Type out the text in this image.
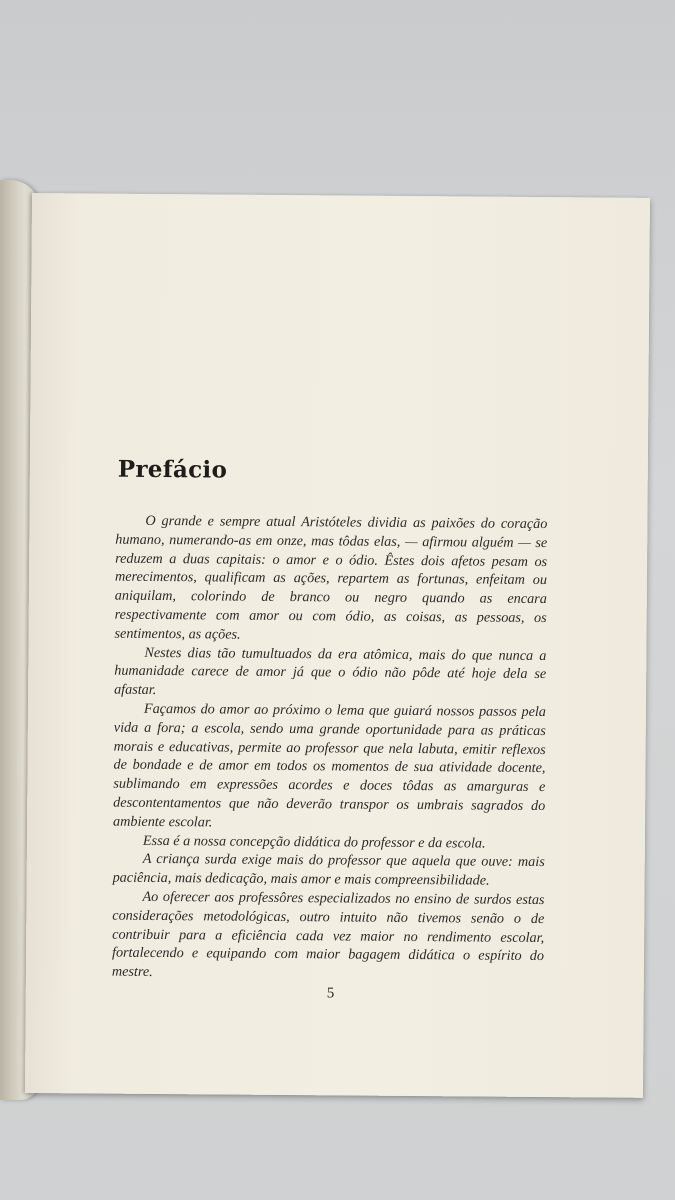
Prefácio

O grande e sempre atual Aristóteles dividia as paixões do coração humano, numerando-as em onze, mas tôdas elas, — afirmou alguém — se reduzem a duas capitais: o amor e o ódio. Êstes dois afetos pesam os merecimentos, qualificam as ações, repartem as fortunas, enfeitam ou aniquilam, colorindo de branco ou negro quando as encara respectivamente com amor ou com ódio, as coisas, as pessoas, os sentimentos, as ações.

Nestes dias tão tumultuados da era atômica, mais do que nunca a humanidade carece de amor já que o ódio não pôde até hoje dela se afastar.

Façamos do amor ao próximo o lema que guiará nossos passos pela vida a fora; a escola, sendo uma grande oportunidade para as práticas morais e educativas, permite ao professor que nela labuta, emitir reflexos de bondade e de amor em todos os momentos de sua atividade docente, sublimando em expressões acordes e doces tôdas as amarguras e descontentamentos que não deverão transpor os umbrais sagrados do ambiente escolar.

Essa é a nossa concepção didática do professor e da escola.

A criança surda exige mais do professor que aquela que ouve: mais paciência, mais dedicação, mais amor e mais compreensibilidade.

Ao oferecer aos professôres especializados no ensino de surdos estas considerações metodológicas, outro intuito não tivemos senão o de contribuir para a eficiência cada vez maior no rendimento escolar, fortalecendo e equipando com maior bagagem didática o espírito do mestre.

5
